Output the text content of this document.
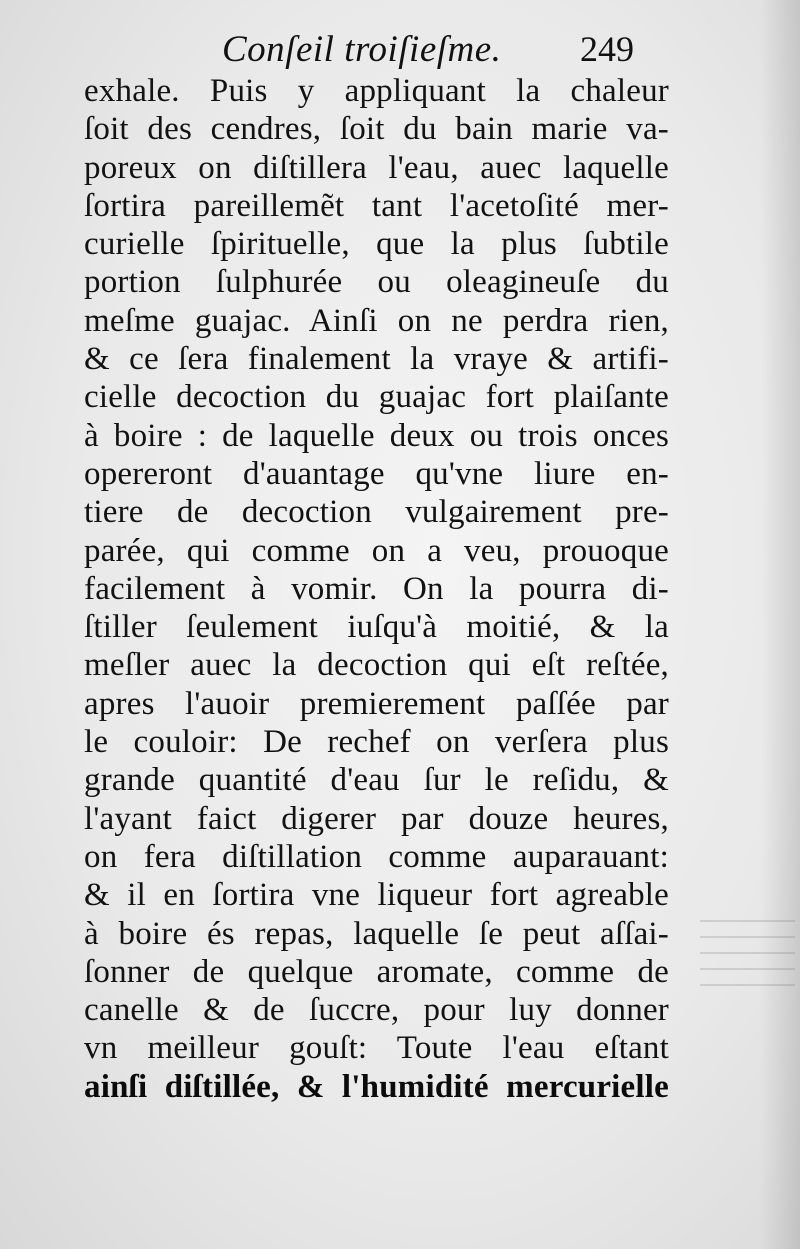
Conſeil troiſieſme. 249
exhale. Puis y appliquant la chaleur
ſoit des cendres, ſoit du bain marie va-
poreux on diſtillera l'eau, auec laquelle
ſortira pareillemẽt tant l'acetoſité mer-
curielle ſpirituelle, que la plus ſubtile
portion ſulphurée ou oleagineuſe du
meſme guajac. Ainſi on ne perdra rien,
& ce ſera finalement la vraye & artifi-
cielle decoction du guajac fort plaiſante
à boire : de laquelle deux ou trois onces
opereront d'auantage qu'vne liure en-
tiere de decoction vulgairement pre-
parée, qui comme on a veu, prouoque
facilement à vomir. On la pourra di-
ſtiller ſeulement iuſqu'à moitié, & la
meſler auec la decoction qui eſt reſtée,
apres l'auoir premierement paſſée par
le couloir: De rechef on verſera plus
grande quantité d'eau ſur le reſidu, &
l'ayant faict digerer par douze heures,
on fera diſtillation comme auparauant:
& il en ſortira vne liqueur fort agreable
à boire és repas, laquelle ſe peut aſſai-
ſonner de quelque aromate, comme de
canelle & de ſuccre, pour luy donner
vn meilleur gouſt: Toute l'eau eſtant
ainſi diſtillée, & l'humidité mercurielle
